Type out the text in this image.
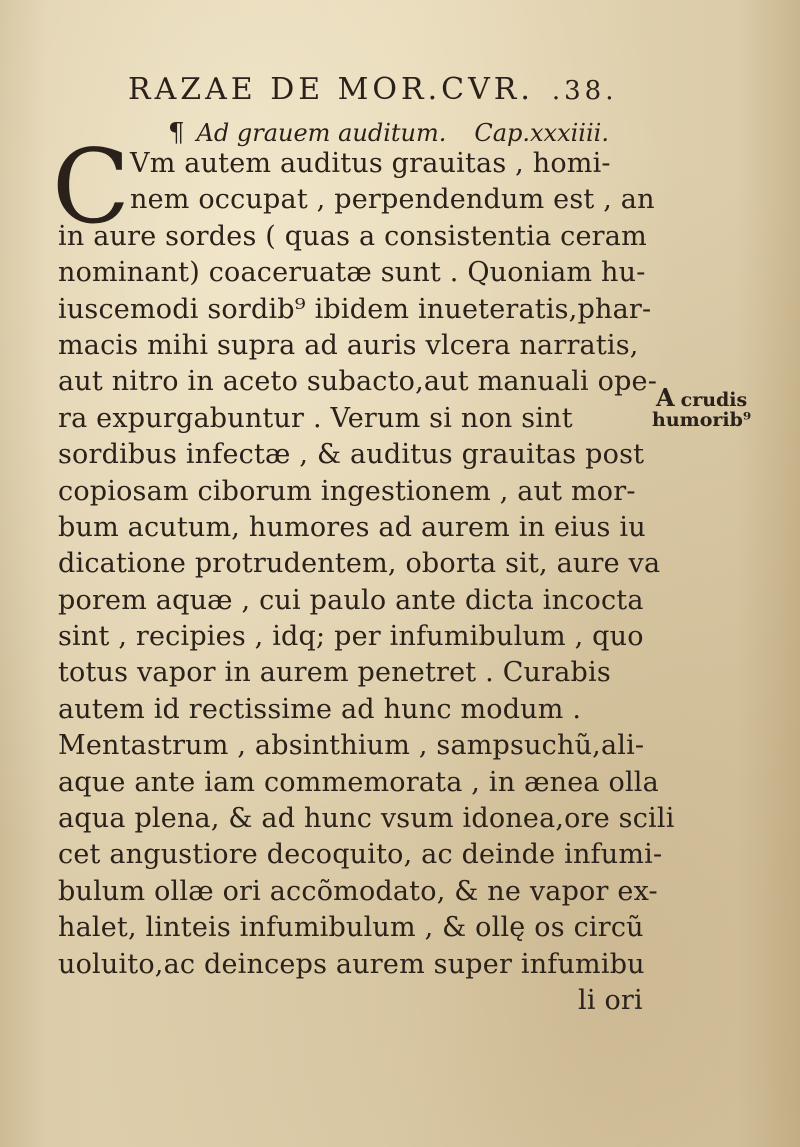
RAZAE DE MOR.CVR. .38.
¶ Ad grauem auditum. Cap.xxxiiii.
C Vm autem auditus grauitas , homi-
nem occupat , perpendendum est , an
in aure sordes ( quas a consistentia ceram
nominant) coaceruatæ sunt . Quoniam hu-
iuscemodi sordib⁹ ibidem inueteratis,phar-
macis mihi supra ad auris vlcera narratis,
aut nitro in aceto subacto,aut manuali ope-
ra expurgabuntur . Verum si non sint
sordibus infectæ , & auditus grauitas post
copiosam ciborum ingestionem , aut mor-
bum acutum, humores ad aurem in eius iu
dicatione protrudentem, oborta sit, aure va
porem aquæ , cui paulo ante dicta incocta
sint , recipies , idq; per infumibulum , quo
totus vapor in aurem penetret . Curabis
autem id rectissime ad hunc modum .
Mentastrum , absinthium , sampsuchũ,ali-
aque ante iam commemorata , in ænea olla
aqua plena, & ad hunc vsum idonea,ore scili
cet angustiore decoquito, ac deinde infumi-
bulum ollæ ori accõmodato, & ne vapor ex-
halet, linteis infumibulum , & ollę os circũ
uoluito,ac deinceps aurem super infumibu
li ori
A crudis
humorib⁹
